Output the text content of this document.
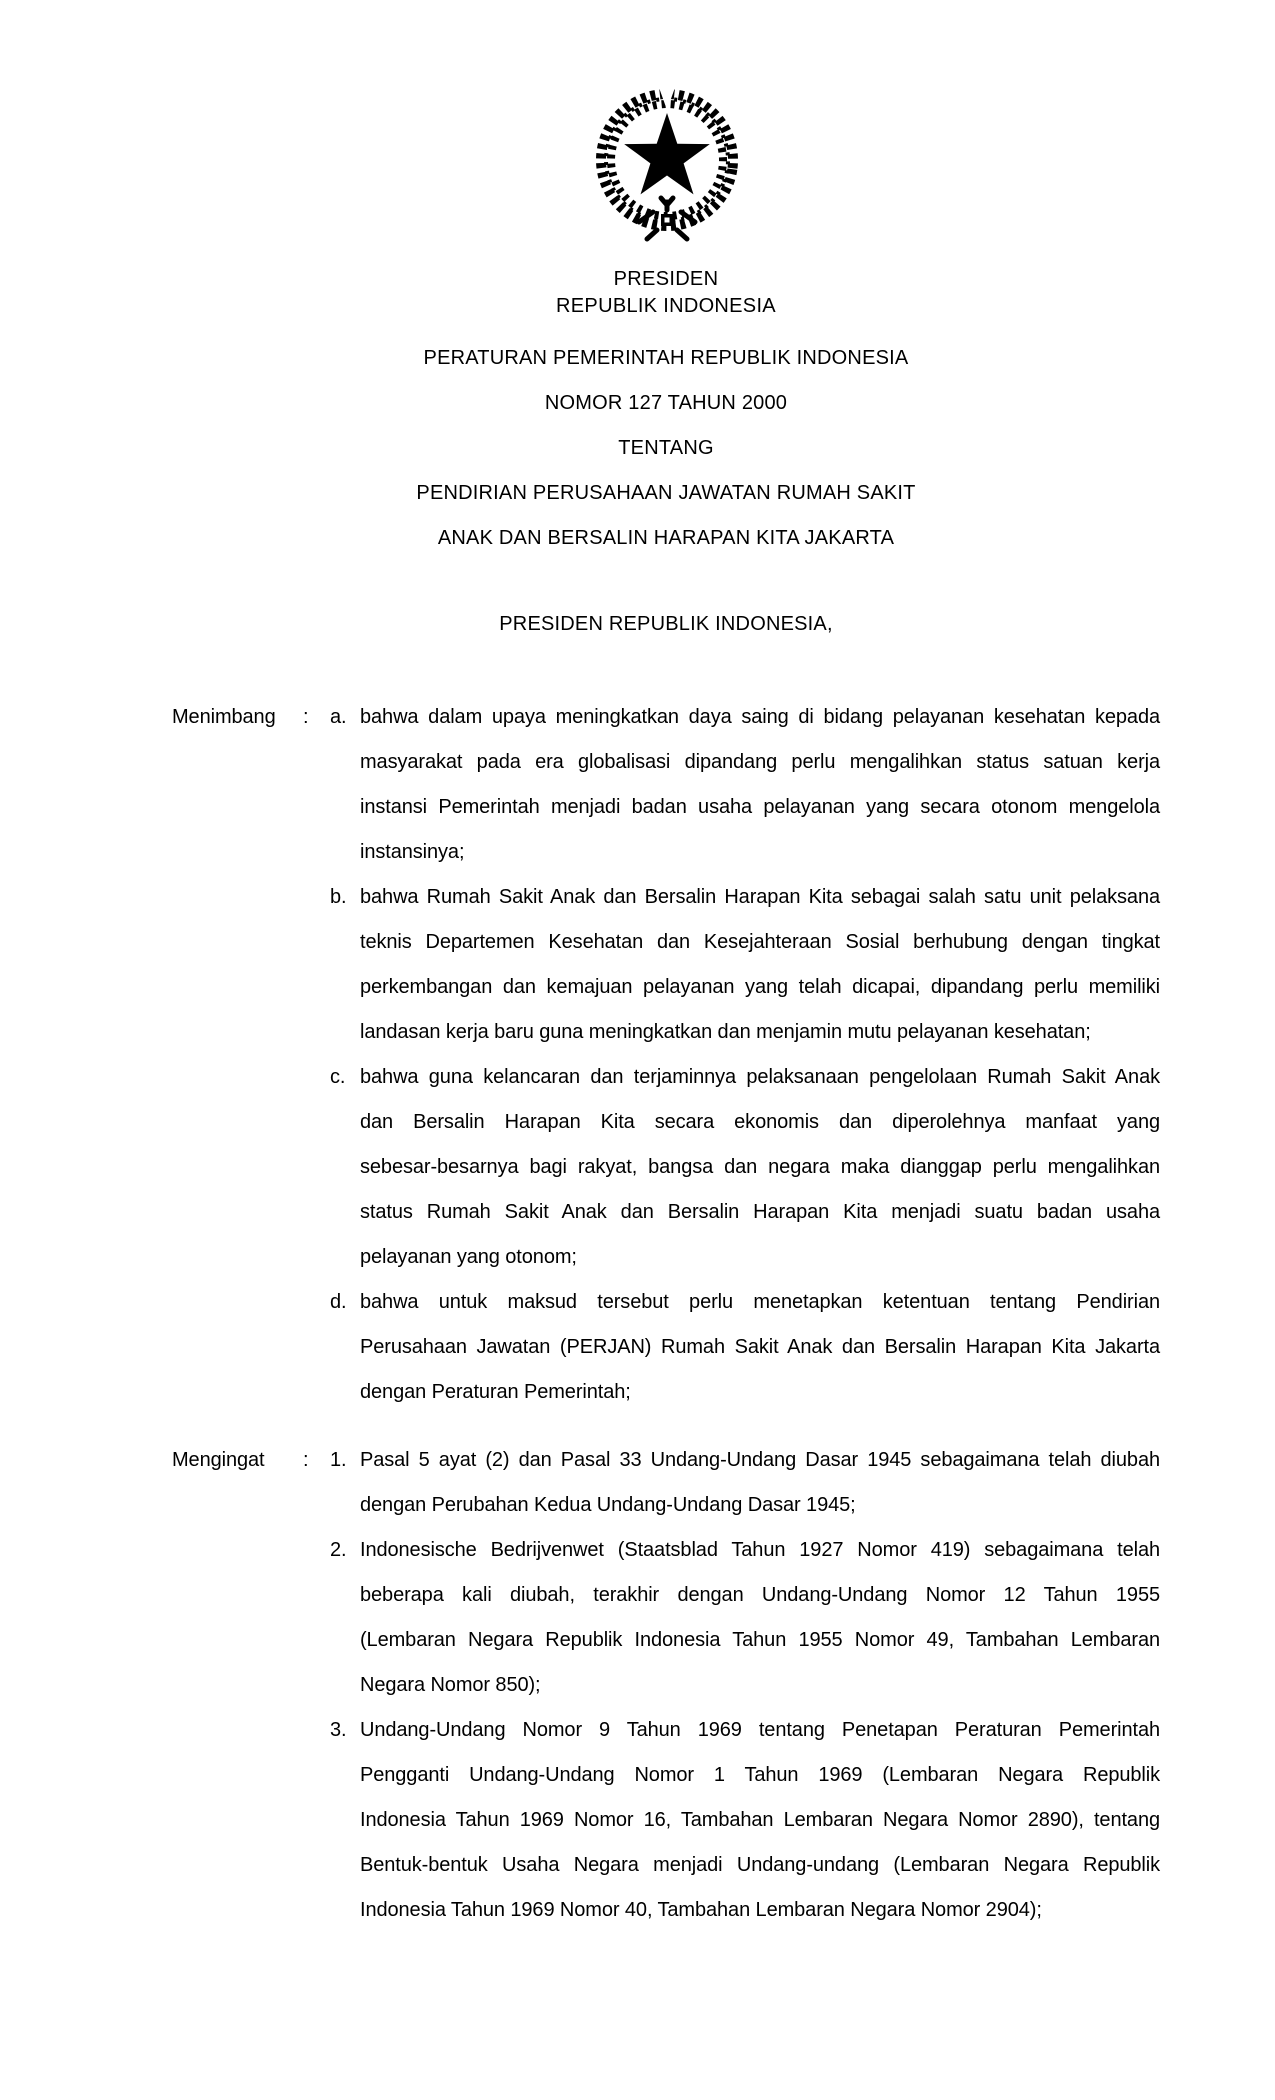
PRESIDEN
REPUBLIK INDONESIA
PERATURAN PEMERINTAH REPUBLIK INDONESIA
NOMOR 127 TAHUN 2000
TENTANG
PENDIRIAN PERUSAHAAN JAWATAN RUMAH SAKIT
ANAK DAN BERSALIN HARAPAN KITA JAKARTA
PRESIDEN REPUBLIK INDONESIA,
Menimbang	:	a. bahwa dalam upaya meningkatkan daya saing di bidang pelayanan kesehatan kepada
masyarakat pada era globalisasi dipandang perlu mengalihkan status satuan kerja
instansi Pemerintah menjadi badan usaha pelayanan yang secara otonom mengelola
instansinya;
b. bahwa Rumah Sakit Anak dan Bersalin Harapan Kita sebagai salah satu unit pelaksana
teknis Departemen Kesehatan dan Kesejahteraan Sosial berhubung dengan tingkat
perkembangan dan kemajuan pelayanan yang telah dicapai, dipandang perlu memiliki
landasan kerja baru guna meningkatkan dan menjamin mutu pelayanan kesehatan;
c. bahwa guna kelancaran dan terjaminnya pelaksanaan pengelolaan Rumah Sakit Anak
dan Bersalin Harapan Kita secara ekonomis dan diperolehnya manfaat yang
sebesar-besarnya bagi rakyat, bangsa dan negara maka dianggap perlu mengalihkan
status Rumah Sakit Anak dan Bersalin Harapan Kita menjadi suatu badan usaha
pelayanan yang otonom;
d. bahwa untuk maksud tersebut perlu menetapkan ketentuan tentang Pendirian
Perusahaan Jawatan (PERJAN) Rumah Sakit Anak dan Bersalin Harapan Kita Jakarta
dengan Peraturan Pemerintah;
Mengingat	:	1. Pasal 5 ayat (2) dan Pasal 33 Undang-Undang Dasar 1945 sebagaimana telah diubah
dengan Perubahan Kedua Undang-Undang Dasar 1945;
2. Indonesische Bedrijvenwet (Staatsblad Tahun 1927 Nomor 419) sebagaimana telah
beberapa kali diubah, terakhir dengan Undang-Undang Nomor 12 Tahun 1955
(Lembaran Negara Republik Indonesia Tahun 1955 Nomor 49, Tambahan Lembaran
Negara Nomor 850);
3. Undang-Undang Nomor 9 Tahun 1969 tentang Penetapan Peraturan Pemerintah
Pengganti Undang-Undang Nomor 1 Tahun 1969 (Lembaran Negara Republik
Indonesia Tahun 1969 Nomor 16, Tambahan Lembaran Negara Nomor 2890), tentang
Bentuk-bentuk Usaha Negara menjadi Undang-undang (Lembaran Negara Republik
Indonesia Tahun 1969 Nomor 40, Tambahan Lembaran Negara Nomor 2904);
